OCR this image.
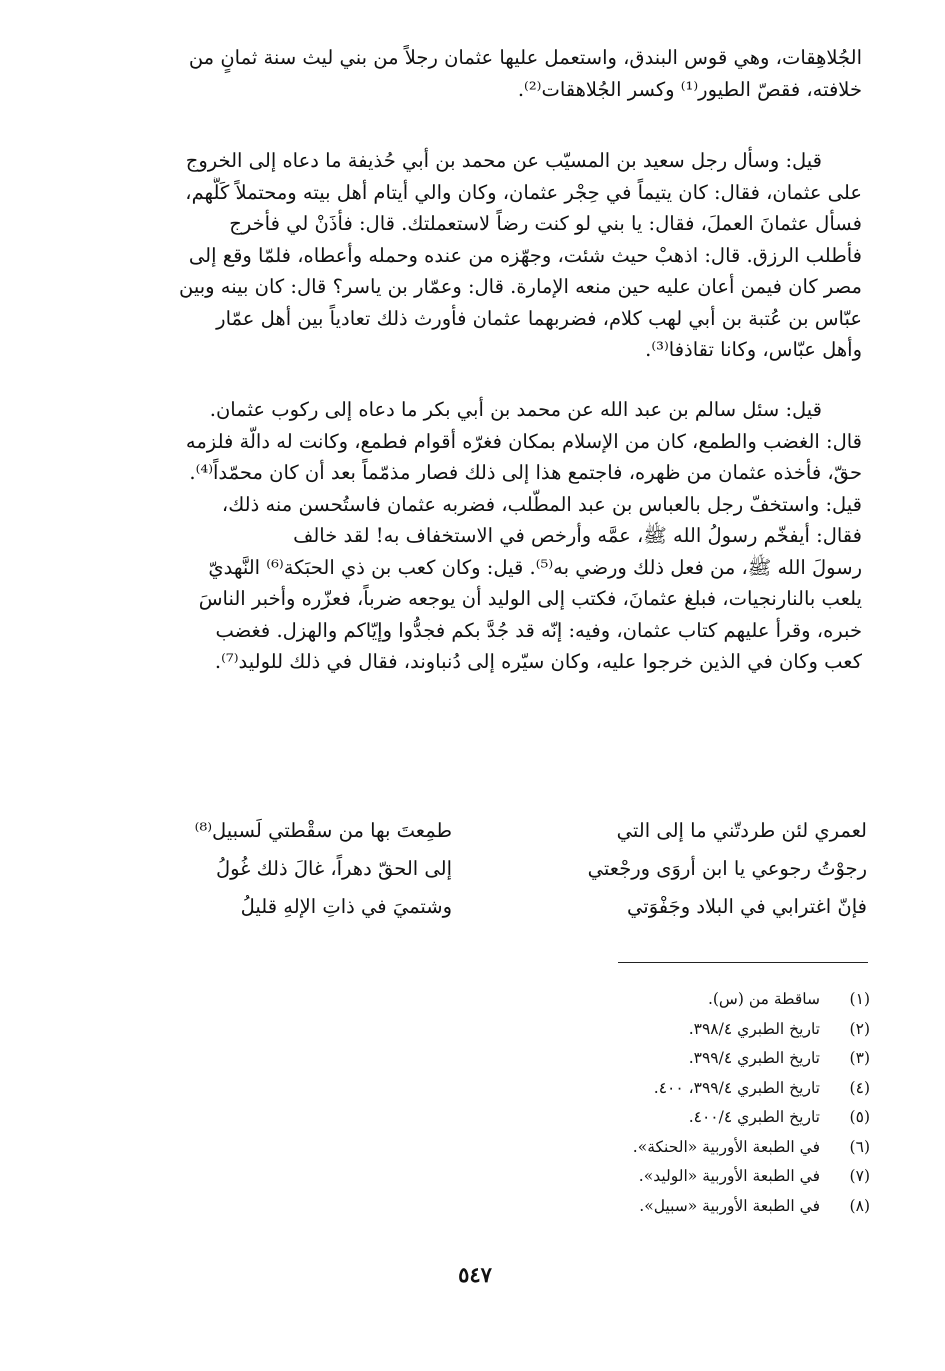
الجُلاهِقات، وهي قوس البندق، واستعمل عليها عثمان رجلاً من بني ليث سنة ثمانٍ من
خلافته، فقصّ الطيور⁽¹⁾ وكسر الجُلاهقات⁽²⁾.
قيل: وسأل رجل سعيد بن المسيّب عن محمد بن أبي حُذيفة ما دعاه إلى الخروج
على عثمان، فقال: كان يتيماً في حِجْر عثمان، وكان والي أيتام أهل بيته ومحتملاً كَلَّهم،
فسأل عثمانَ العملَ، فقال: يا بني لو كنت رضاً لاستعملتك. قال: فأذَنْ لي فأخرج
فأطلب الرزق. قال: اذهبْ حيث شئت، وجهّزه من عنده وحمله وأعطاه، فلمّا وقع إلى
مصر كان فيمن أعان عليه حين منعه الإمارة. قال: وعمّار بن ياسر؟ قال: كان بينه وبين
عبّاس بن عُتبة بن أبي لهب كلام، فضربهما عثمان فأورث ذلك تعادياً بين أهل عمّار
وأهل عبّاس، وكانا تقاذفا⁽³⁾.
قيل: سئل سالم بن عبد الله عن محمد بن أبي بكر ما دعاه إلى ركوب عثمان.
قال: الغضب والطمع، كان من الإسلام بمكان فغرّه أقوام فطمع، وكانت له دالّة فلزمه
حقّ، فأخذه عثمان من ظهره، فاجتمع هذا إلى ذلك فصار مذمّماً بعد أن كان محمّداً⁽⁴⁾.
قيل: واستخفّ رجل بالعباس بن عبد المطّلب، فضربه عثمان فاستُحسن منه ذلك،
فقال: أيفخّم رسولُ الله ﷺ، عمَّه وأرخص في الاستخفاف به! لقد خالف
رسولَ الله ﷺ، من فعل ذلك ورضي به⁽⁵⁾. قيل: وكان كعب بن ذي الحبَكة⁽⁶⁾ النَّهديّ
يلعب بالنارنجيات، فبلغ عثمانَ، فكتب إلى الوليد أن يوجعه ضرباً، فعزّره وأخبر الناسَ
خبره، وقرأ عليهم كتاب عثمان، وفيه: إنّه قد جُدَّ بكم فجدُّوا وإيّاكم والهزل. فغضب
كعب وكان في الذين خرجوا عليه، وكان سيّره إلى دُنباوند، فقال في ذلك للوليد⁽⁷⁾.
لعمري لئن طردتّني ما إلى التي
طمِعتَ بها من سقْطتي لَسبيل⁽⁸⁾
رجوْتُ رجوعي يا ابن أروَى ورجْعتي
إلى الحقّ دهراً، غالَ ذلك غُولُ
فإنّ اغترابي في البلاد وجَفْوَتي
وشتميَ في ذاتِ الإلهِ قليلُ
(١)
ساقطة من (س).
(٢)
تاريخ الطبري ٣٩٨/٤.
(٣)
تاريخ الطبري ٣٩٩/٤.
(٤)
تاريخ الطبري ٣٩٩/٤، ٤٠٠.
(٥)
تاريخ الطبري ٤٠٠/٤.
(٦)
في الطبعة الأوربية «الحنكة».
(٧)
في الطبعة الأوربية «الوليد».
(٨)
في الطبعة الأوربية «سبيل».
٥٤٧
